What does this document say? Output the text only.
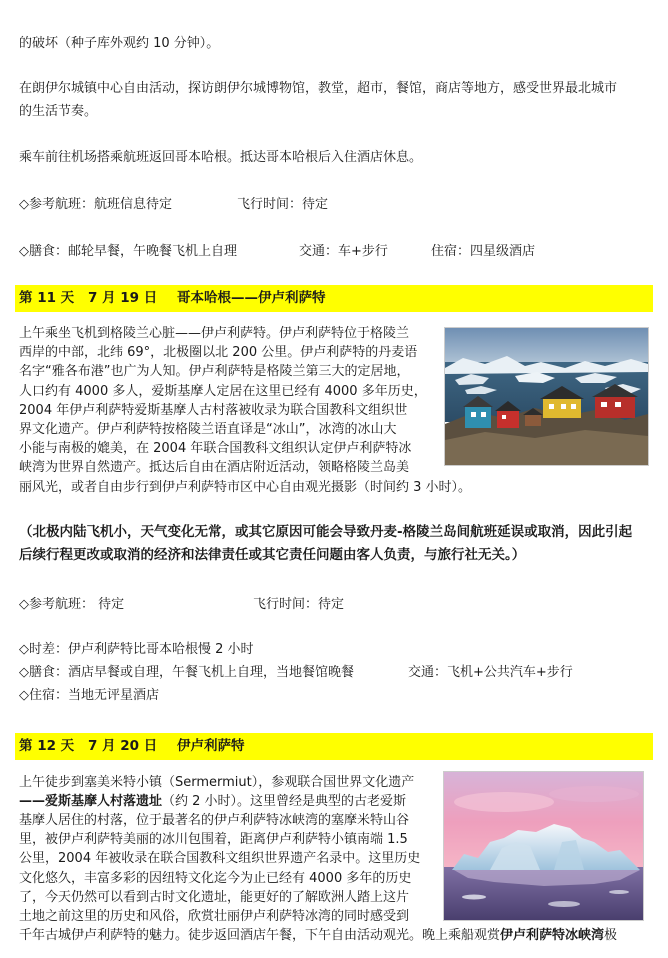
的破坏（种子库外观约 10 分钟）。
在朗伊尔城镇中心自由活动，探访朗伊尔城博物馆，教堂，超市，餐馆，商店等地方，感受世界最北城市
的生活节奏。
乘车前往机场搭乘航班返回哥本哈根。抵达哥本哈根后入住酒店休息。
◇参考航班：航班信息待定	飞行时间：待定
◇膳食：邮轮早餐，午晚餐飞机上自理	交通：车+步行	住宿：四星级酒店
第 11 天 7 月 19 日 哥本哈根——伊卢利萨特
上午乘坐飞机到格陵兰心脏——伊卢利萨特。伊卢利萨特位于格陵兰
西岸的中部，北纬 69°，北极圈以北 200 公里。伊卢利萨特的丹麦语
名字“雅各布港”也广为人知。伊卢利萨特是格陵兰第三大的定居地，
人口约有 4000 多人，爱斯基摩人定居在这里已经有 4000 多年历史，
2004 年伊卢利萨特爱斯基摩人古村落被收录为联合国教科文组织世
界文化遗产。伊卢利萨特按格陵兰语直译是“冰山”，冰湾的冰山大
小能与南极的媲美，在 2004 年联合国教科文组织认定伊卢利萨特冰
峡湾为世界自然遗产。抵达后自由在酒店附近活动，领略格陵兰岛美
丽风光，或者自由步行到伊卢利萨特市区中心自由观光摄影（时间约 3 小时）。
（北极内陆飞机小，天气变化无常，或其它原因可能会导致丹麦-格陵兰岛间航班延误或取消，因此引起
后续行程更改或取消的经济和法律责任或其它责任问题由客人负责，与旅行社无关。）
◇参考航班： 待定	飞行时间：待定
◇时差：伊卢利萨特比哥本哈根慢 2 小时
◇膳食：酒店早餐或自理，午餐飞机上自理，当地餐馆晚餐	交通：飞机+公共汽车+步行
◇住宿：当地无评星酒店
第 12 天 7 月 20 日 伊卢利萨特
上午徒步到塞美米特小镇（Sermermiut），参观联合国世界文化遗产
——爱斯基摩人村落遗址（约 2 小时）。这里曾经是典型的古老爱斯
基摩人居住的村落，位于最著名的伊卢利萨特冰峡湾的塞摩米特山谷
里，被伊卢利萨特美丽的冰川包围着，距离伊卢利萨特小镇南端 1.5
公里，2004 年被收录在联合国教科文组织世界遗产名录中。这里历史
文化悠久，丰富多彩的因纽特文化迄今为止已经有 4000 多年的历史
了，今天仍然可以看到古时文化遗址，能更好的了解欧洲人踏上这片
土地之前这里的历史和风俗，欣赏壮丽伊卢利萨特冰湾的同时感受到
千年古城伊卢利萨特的魅力。徒步返回酒店午餐，下午自由活动观光。晚上乘船观赏伊卢利萨特冰峡湾极
